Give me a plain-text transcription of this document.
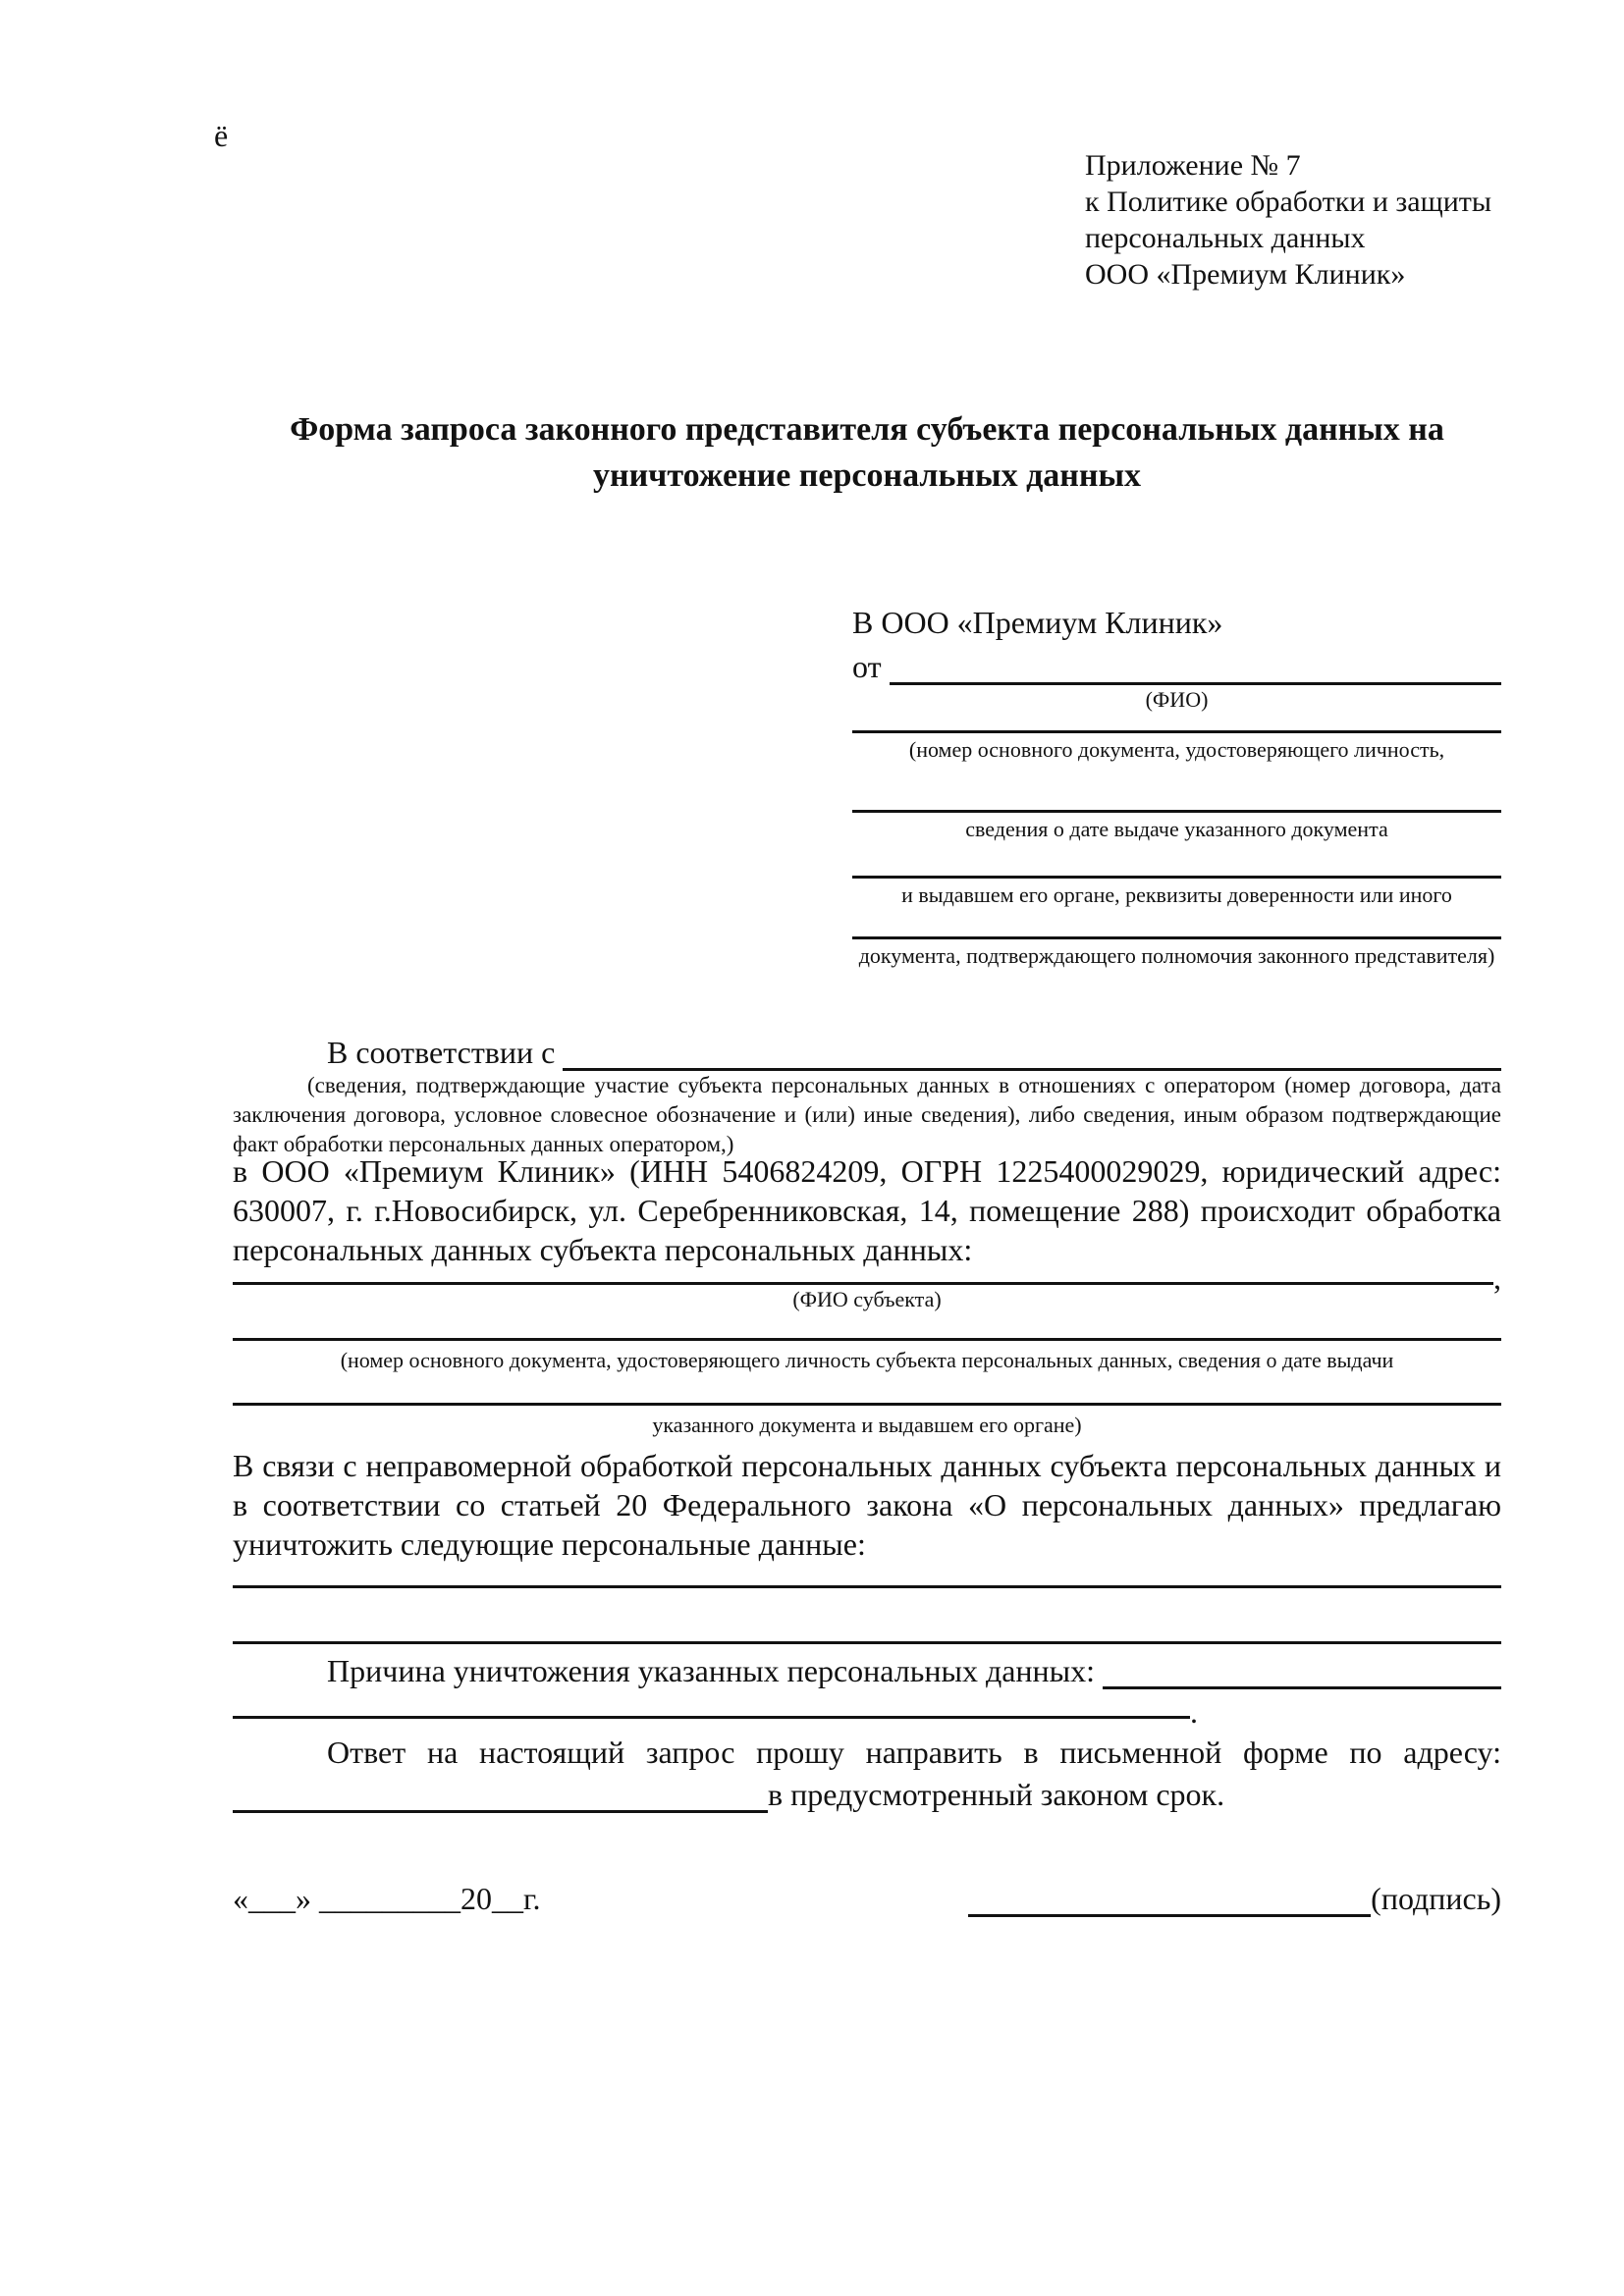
ё
Приложение № 7
к Политике обработки и защиты
персональных данных
ООО «Премиум Клиник»
Форма запроса законного представителя субъекта персональных данных на уничтожение персональных данных
В ООО «Премиум Клиник»
от
(ФИО)
(номер основного документа, удостоверяющего личность,
сведения о дате выдаче указанного документа
и выдавшем его органе, реквизиты доверенности или иного
документа, подтверждающего полномочия законного представителя)
В соответствии с
(сведения, подтверждающие участие субъекта персональных данных в отношениях с оператором (номер договора, дата заключения договора, условное словесное обозначение и (или) иные сведения), либо сведения, иным образом подтверждающие факт обработки персональных данных оператором,)
в ООО «Премиум Клиник» (ИНН 5406824209, ОГРН 1225400029029, юридический адрес: 630007, г. г.Новосибирск, ул. Серебренниковская, 14, помещение 288) происходит обработка персональных данных субъекта персональных данных:
,
(ФИО субъекта)
(номер основного документа, удостоверяющего личность субъекта персональных данных, сведения о дате выдачи
указанного документа и выдавшем его органе)
В связи с неправомерной обработкой персональных данных субъекта персональных данных и в соответствии со статьей 20 Федерального закона «О персональных данных» предлагаю уничтожить следующие персональные данные:
Причина уничтожения указанных персональных данных:
.
Ответ на настоящий запрос прошу направить в письменной форме по адресу:
в предусмотренный законом срок.
«___» _________20__г.	(подпись)
